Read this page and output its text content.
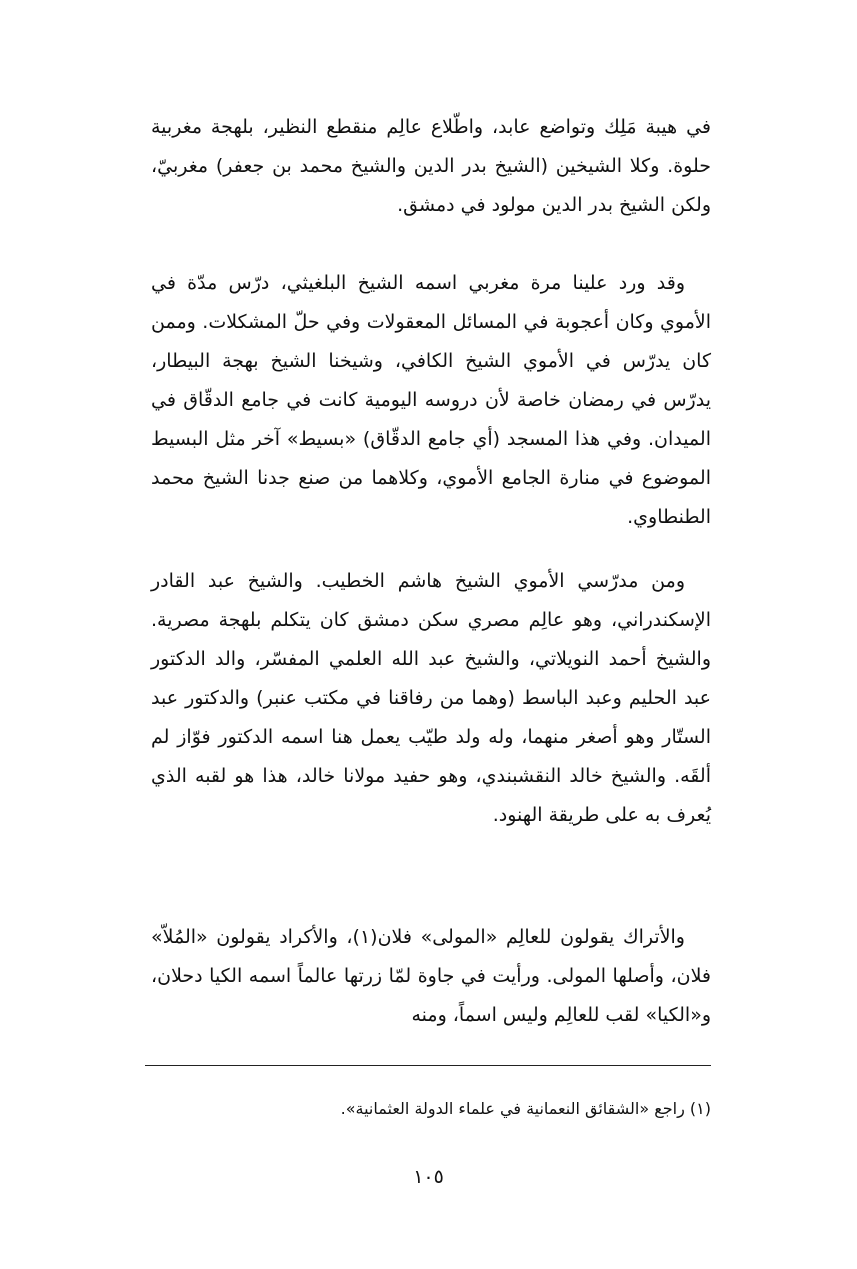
في هيبة مَلِك وتواضع عابد، واطّلاع عالِم منقطع النظير، بلهجة مغربية حلوة. وكلا الشيخين (الشيخ بدر الدين والشيخ محمد بن جعفر) مغربيّ، ولكن الشيخ بدر الدين مولود في دمشق.

وقد ورد علينا مرة مغربي اسمه الشيخ البلغيثي، درّس مدّة في الأموي وكان أعجوبة في المسائل المعقولات وفي حلّ المشكلات. وممن كان يدرّس في الأموي الشيخ الكافي، وشيخنا الشيخ بهجة البيطار، يدرّس في رمضان خاصة لأن دروسه اليومية كانت في جامع الدقّاق في الميدان. وفي هذا المسجد (أي جامع الدقّاق) «بسيط» آخر مثل البسيط الموضوع في منارة الجامع الأموي، وكلاهما من صنع جدنا الشيخ محمد الطنطاوي.

ومن مدرّسي الأموي الشيخ هاشم الخطيب. والشيخ عبد القادر الإسكندراني، وهو عالِم مصري سكن دمشق كان يتكلم بلهجة مصرية. والشيخ أحمد النويلاتي، والشيخ عبد الله العلمي المفسّر، والد الدكتور عبد الحليم وعبد الباسط (وهما من رفاقنا في مكتب عنبر) والدكتور عبد الستّار وهو أصغر منهما، وله ولد طيّب يعمل هنا اسمه الدكتور فوّاز لم ألقَه. والشيخ خالد النقشبندي، وهو حفيد مولانا خالد، هذا هو لقبه الذي يُعرف به على طريقة الهنود.

والأتراك يقولون للعالِم «المولى» فلان(١)، والأكراد يقولون «المُلاّ» فلان، وأصلها المولى. ورأيت في جاوة لمّا زرتها عالماً اسمه الكيا دحلان، و«الكيا» لقب للعالِم وليس اسماً، ومنه

(١) راجع «الشقائق النعمانية في علماء الدولة العثمانية».

١٠٥
